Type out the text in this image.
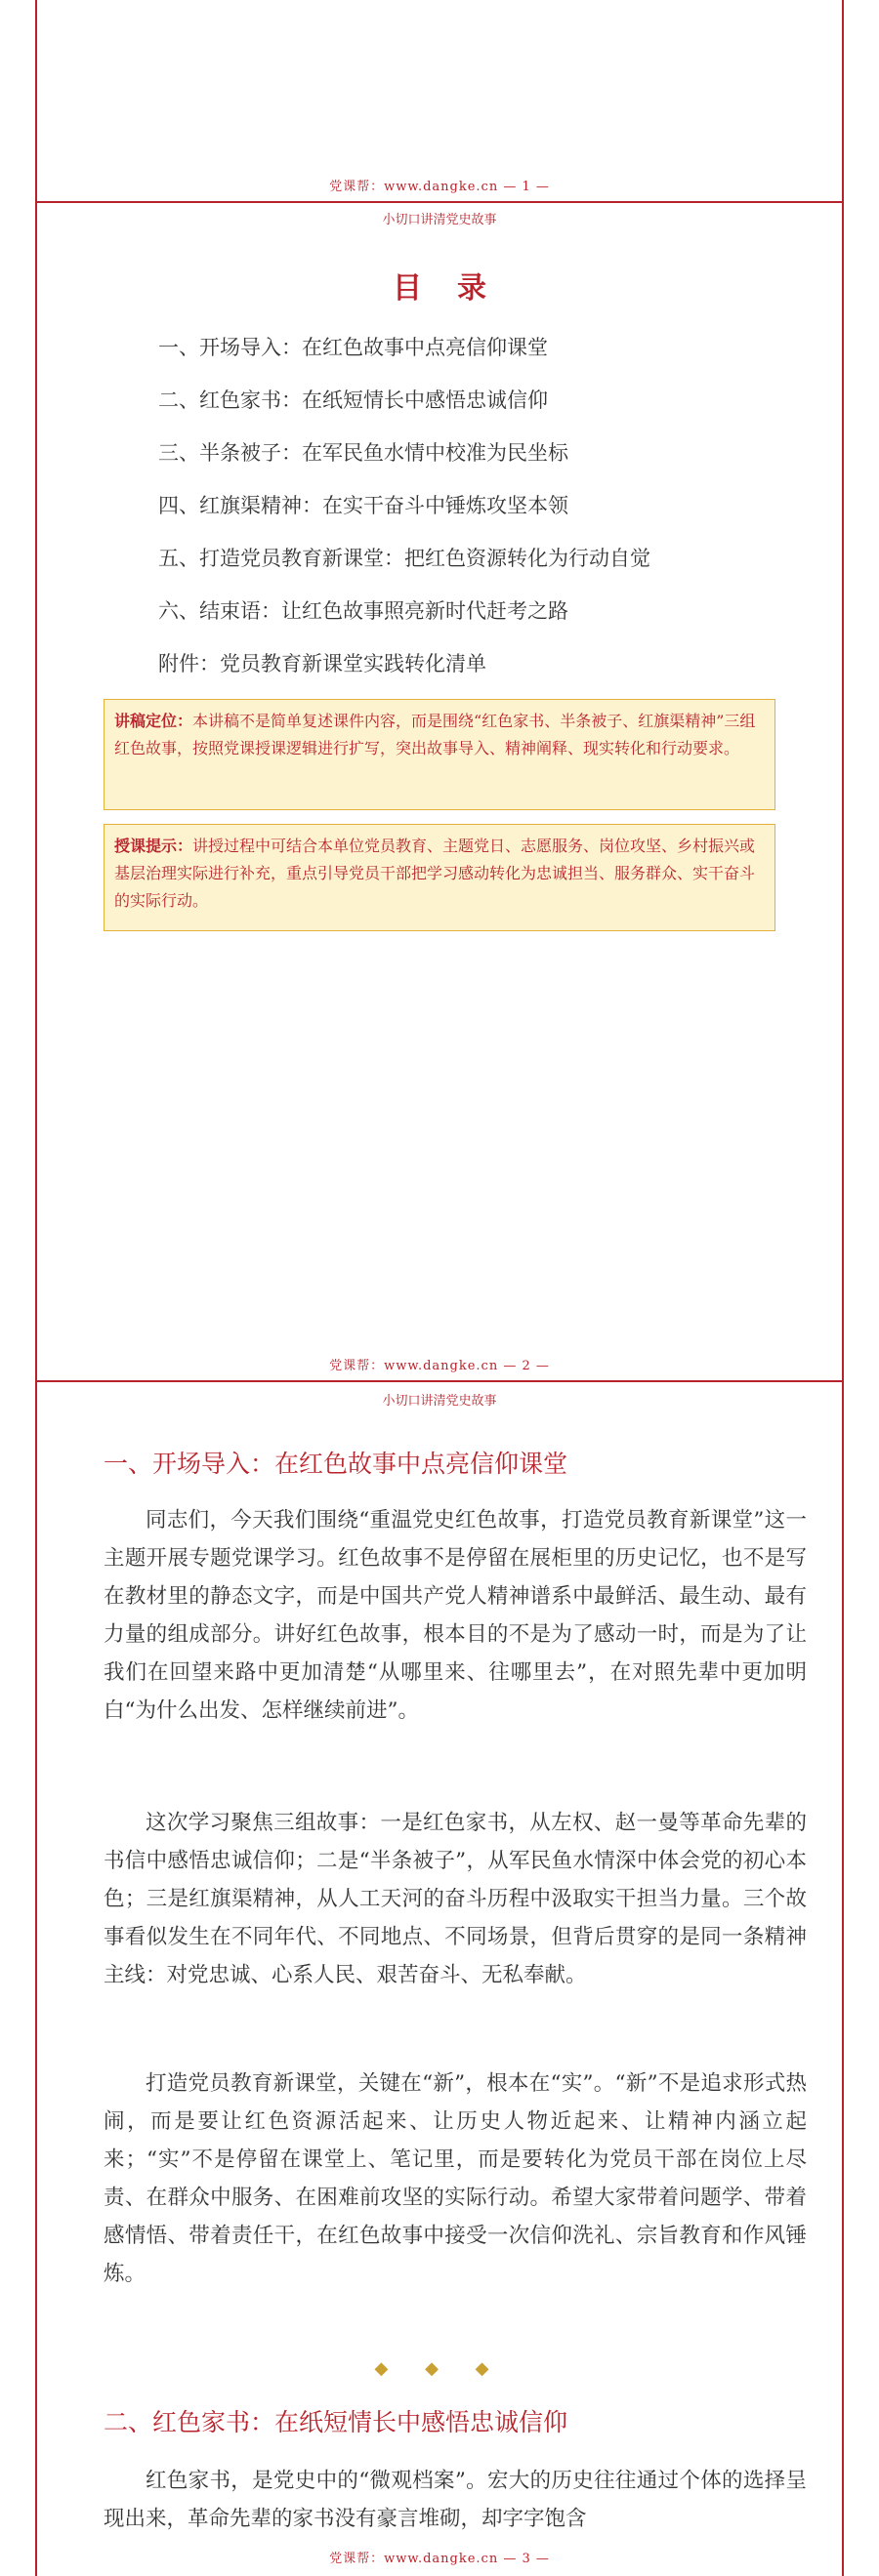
党课帮：www.dangke.cn — 1 —
小切口讲清党史故事
目录
一、开场导入：在红色故事中点亮信仰课堂
二、红色家书：在纸短情长中感悟忠诚信仰
三、半条被子：在军民鱼水情中校准为民坐标
四、红旗渠精神：在实干奋斗中锤炼攻坚本领
五、打造党员教育新课堂：把红色资源转化为行动自觉
六、结束语：让红色故事照亮新时代赶考之路
附件：党员教育新课堂实践转化清单
讲稿定位：本讲稿不是简单复述课件内容，而是围绕“红色家书、半条被子、红旗渠精神”三组红色故事，按照党课授课逻辑进行扩写，突出故事导入、精神阐释、现实转化和行动要求。
授课提示：讲授过程中可结合本单位党员教育、主题党日、志愿服务、岗位攻坚、乡村振兴或基层治理实际进行补充，重点引导党员干部把学习感动转化为忠诚担当、服务群众、实干奋斗的实际行动。
党课帮：www.dangke.cn — 2 —
小切口讲清党史故事
一、开场导入：在红色故事中点亮信仰课堂

同志们，今天我们围绕“重温党史红色故事，打造党员教育新课堂”这一主题开展专题党课学习。红色故事不是停留在展柜里的历史记忆，也不是写在教材里的静态文字，而是中国共产党人精神谱系中最鲜活、最生动、最有力量的组成部分。讲好红色故事，根本目的不是为了感动一时，而是为了让我们在回望来路中更加清楚“从哪里来、往哪里去”，在对照先辈中更加明白“为什么出发、怎样继续前进”。

这次学习聚焦三组故事：一是红色家书，从左权、赵一曼等革命先辈的书信中感悟忠诚信仰；二是“半条被子”，从军民鱼水情深中体会党的初心本色；三是红旗渠精神，从人工天河的奋斗历程中汲取实干担当力量。三个故事看似发生在不同年代、不同地点、不同场景，但背后贯穿的是同一条精神主线：对党忠诚、心系人民、艰苦奋斗、无私奉献。

打造党员教育新课堂，关键在“新”，根本在“实”。“新”不是追求形式热闹，而是要让红色资源活起来、让历史人物近起来、让精神内涵立起来；“实”不是停留在课堂上、笔记里，而是要转化为党员干部在岗位上尽责、在群众中服务、在困难前攻坚的实际行动。希望大家带着问题学、带着感情悟、带着责任干，在红色故事中接受一次信仰洗礼、宗旨教育和作风锤炼。

◆ ◆ ◆
二、红色家书：在纸短情长中感悟忠诚信仰

红色家书，是党史中的“微观档案”。宏大的历史往往通过个体的选择呈现出来，革命先辈的家书没有豪言堆砌，却字字饱含

党课帮：www.dangke.cn — 3 —
